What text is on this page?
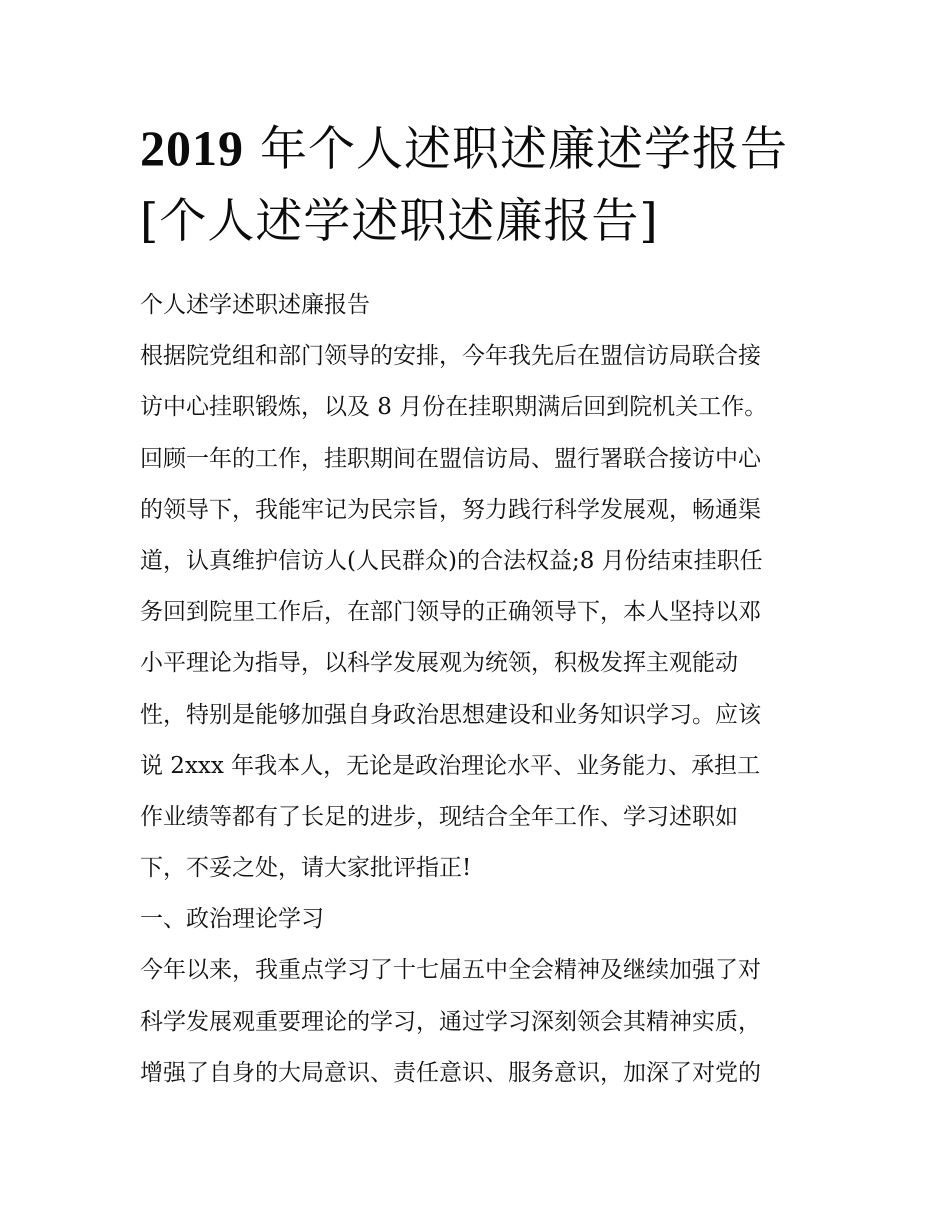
2019 年个人述职述廉述学报告
[个人述学述职述廉报告]
个人述学述职述廉报告
根据院党组和部门领导的安排，今年我先后在盟信访局联合接
访中心挂职锻炼，以及 8 月份在挂职期满后回到院机关工作。
回顾一年的工作，挂职期间在盟信访局、盟行署联合接访中心
的领导下，我能牢记为民宗旨，努力践行科学发展观，畅通渠
道，认真维护信访人(人民群众)的合法权益;8 月份结束挂职任
务回到院里工作后，在部门领导的正确领导下，本人坚持以邓
小平理论为指导，以科学发展观为统领，积极发挥主观能动
性，特别是能够加强自身政治思想建设和业务知识学习。应该
说 2xxx 年我本人，无论是政治理论水平、业务能力、承担工
作业绩等都有了长足的进步，现结合全年工作、学习述职如
下，不妥之处，请大家批评指正!
一、政治理论学习
今年以来，我重点学习了十七届五中全会精神及继续加强了对
科学发展观重要理论的学习，通过学习深刻领会其精神实质，
增强了自身的大局意识、责任意识、服务意识，加深了对党的
